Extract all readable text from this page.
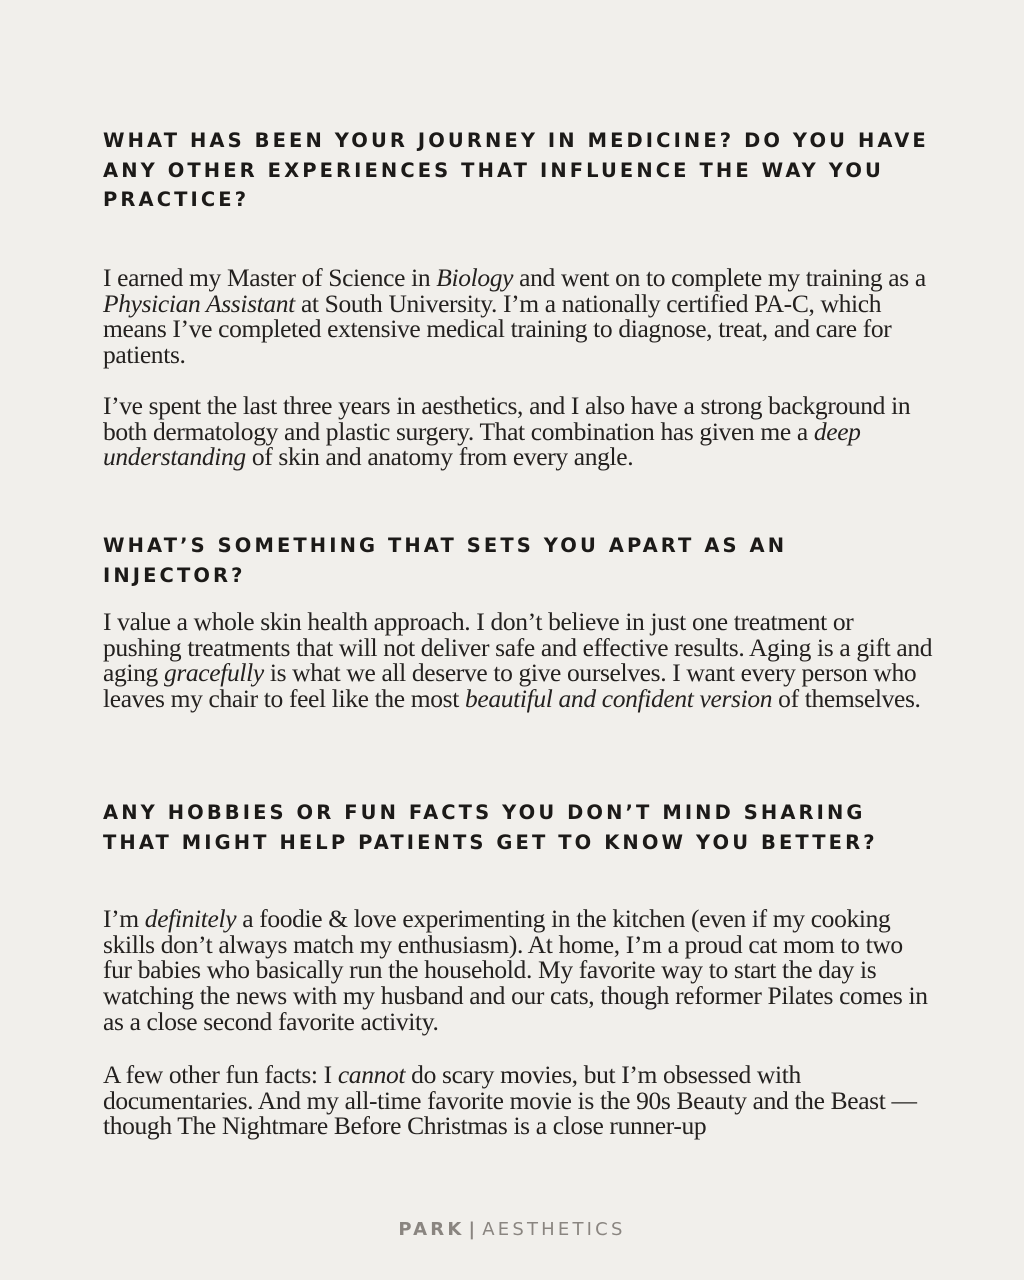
WHAT HAS BEEN YOUR JOURNEY IN MEDICINE? DO YOU HAVE ANY OTHER EXPERIENCES THAT INFLUENCE THE WAY YOU PRACTICE?

I earned my Master of Science in Biology and went on to complete my training as a Physician Assistant at South University. I’m a nationally certified PA-C, which means I’ve completed extensive medical training to diagnose, treat, and care for patients.

I’ve spent the last three years in aesthetics, and I also have a strong background in both dermatology and plastic surgery. That combination has given me a deep understanding of skin and anatomy from every angle.

WHAT’S SOMETHING THAT SETS YOU APART AS AN INJECTOR?

I value a whole skin health approach. I don’t believe in just one treatment or pushing treatments that will not deliver safe and effective results. Aging is a gift and aging gracefully is what we all deserve to give ourselves. I want every person who leaves my chair to feel like the most beautiful and confident version of themselves.

ANY HOBBIES OR FUN FACTS YOU DON’T MIND SHARING THAT MIGHT HELP PATIENTS GET TO KNOW YOU BETTER?

I’m definitely a foodie & love experimenting in the kitchen (even if my cooking skills don’t always match my enthusiasm). At home, I’m a proud cat mom to two fur babies who basically run the household. My favorite way to start the day is watching the news with my husband and our cats, though reformer Pilates comes in as a close second favorite activity.

A few other fun facts: I cannot do scary movies, but I’m obsessed with documentaries. And my all-time favorite movie is the 90s Beauty and the Beast — though The Nightmare Before Christmas is a close runner-up

PARK | AESTHETICS
